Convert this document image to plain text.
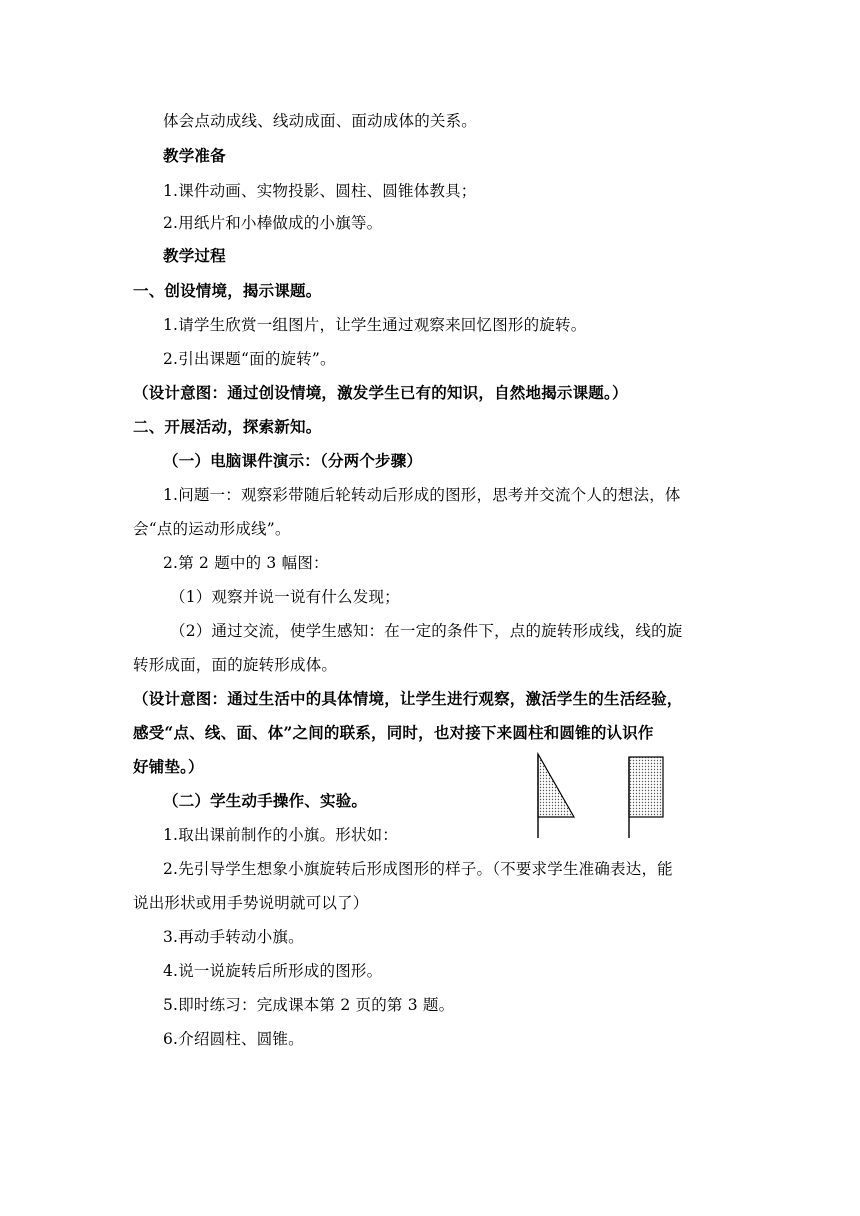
体会点动成线、线动成面、面动成体的关系。
教学准备
1.课件动画、实物投影、圆柱、圆锥体教具；
2.用纸片和小棒做成的小旗等。
教学过程
一、创设情境，揭示课题。
1.请学生欣赏一组图片，让学生通过观察来回忆图形的旋转。
2.引出课题“面的旋转”。
（设计意图：通过创设情境，激发学生已有的知识，自然地揭示课题。）
二、开展活动，探索新知。
（一）电脑课件演示：（分两个步骤）
1.问题一：观察彩带随后轮转动后形成的图形，思考并交流个人的想法，体
会“点的运动形成线”。
2.第 2 题中的 3 幅图：
（1）观察并说一说有什么发现；
（2）通过交流，使学生感知：在一定的条件下，点的旋转形成线，线的旋
转形成面，面的旋转形成体。
（设计意图：通过生活中的具体情境，让学生进行观察，激活学生的生活经验，
感受“点、线、面、体”之间的联系，同时，也对接下来圆柱和圆锥的认识作
好铺垫。）
（二）学生动手操作、实验。
1.取出课前制作的小旗。形状如：
2.先引导学生想象小旗旋转后形成图形的样子。（不要求学生准确表达，能
说出形状或用手势说明就可以了）
3.再动手转动小旗。
4.说一说旋转后所形成的图形。
5.即时练习：完成课本第 2 页的第 3 题。
6.介绍圆柱、圆锥。
